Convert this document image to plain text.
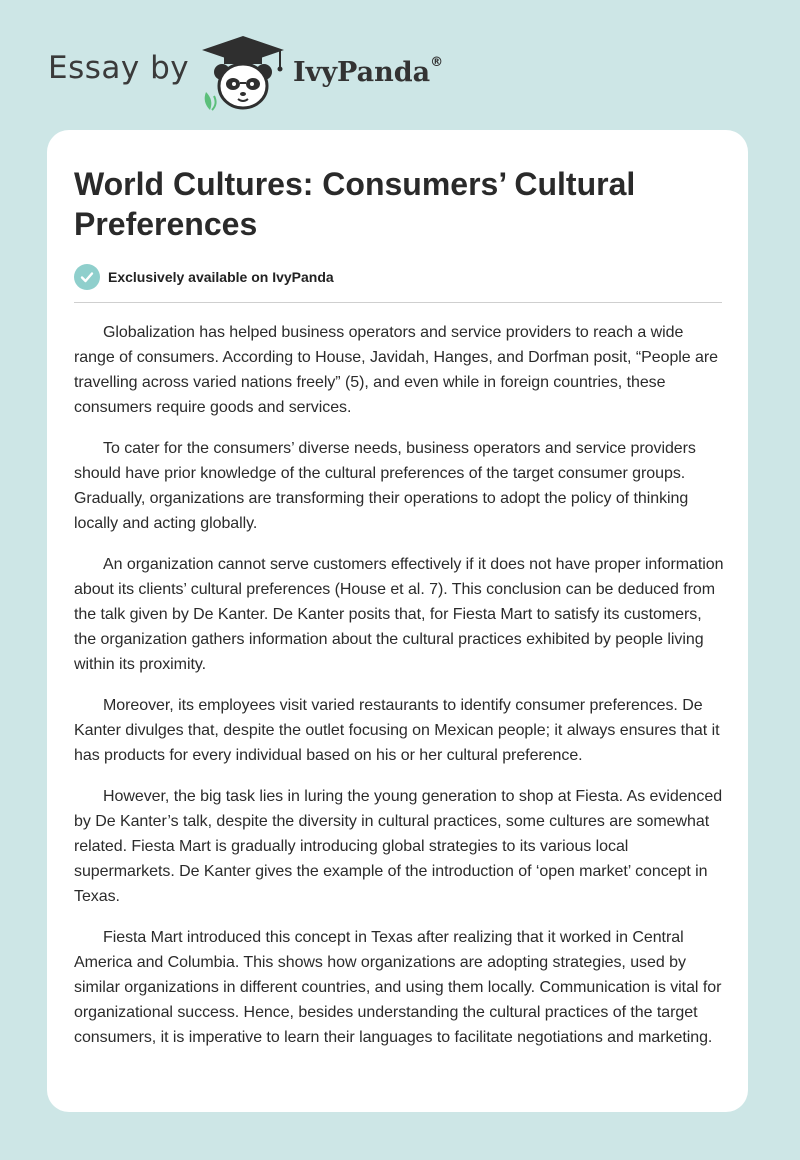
Essay by	IvyPanda®
World Cultures: Consumers’ Cultural Preferences
Exclusively available on IvyPanda

Globalization has helped business operators and service providers to reach a wide range of consumers. According to House, Javidah, Hanges, and Dorfman posit, “People are travelling across varied nations freely” (5), and even while in foreign countries, these consumers require goods and services.

To cater for the consumers’ diverse needs, business operators and service providers should have prior knowledge of the cultural preferences of the target consumer groups. Gradually, organizations are transforming their operations to adopt the policy of thinking locally and acting globally.

An organization cannot serve customers effectively if it does not have proper information about its clients’ cultural preferences (House et al. 7). This conclusion can be deduced from the talk given by De Kanter. De Kanter posits that, for Fiesta Mart to satisfy its customers, the organization gathers information about the cultural practices exhibited by people living within its proximity.

Moreover, its employees visit varied restaurants to identify consumer preferences. De Kanter divulges that, despite the outlet focusing on Mexican people; it always ensures that it has products for every individual based on his or her cultural preference.

However, the big task lies in luring the young generation to shop at Fiesta. As evidenced by De Kanter’s talk, despite the diversity in cultural practices, some cultures are somewhat related. Fiesta Mart is gradually introducing global strategies to its various local supermarkets. De Kanter gives the example of the introduction of ‘open market’ concept in Texas.

Fiesta Mart introduced this concept in Texas after realizing that it worked in Central America and Columbia. This shows how organizations are adopting strategies, used by similar organizations in different countries, and using them locally. Communication is vital for organizational success. Hence, besides understanding the cultural practices of the target consumers, it is imperative to learn their languages to facilitate negotiations and marketing.
